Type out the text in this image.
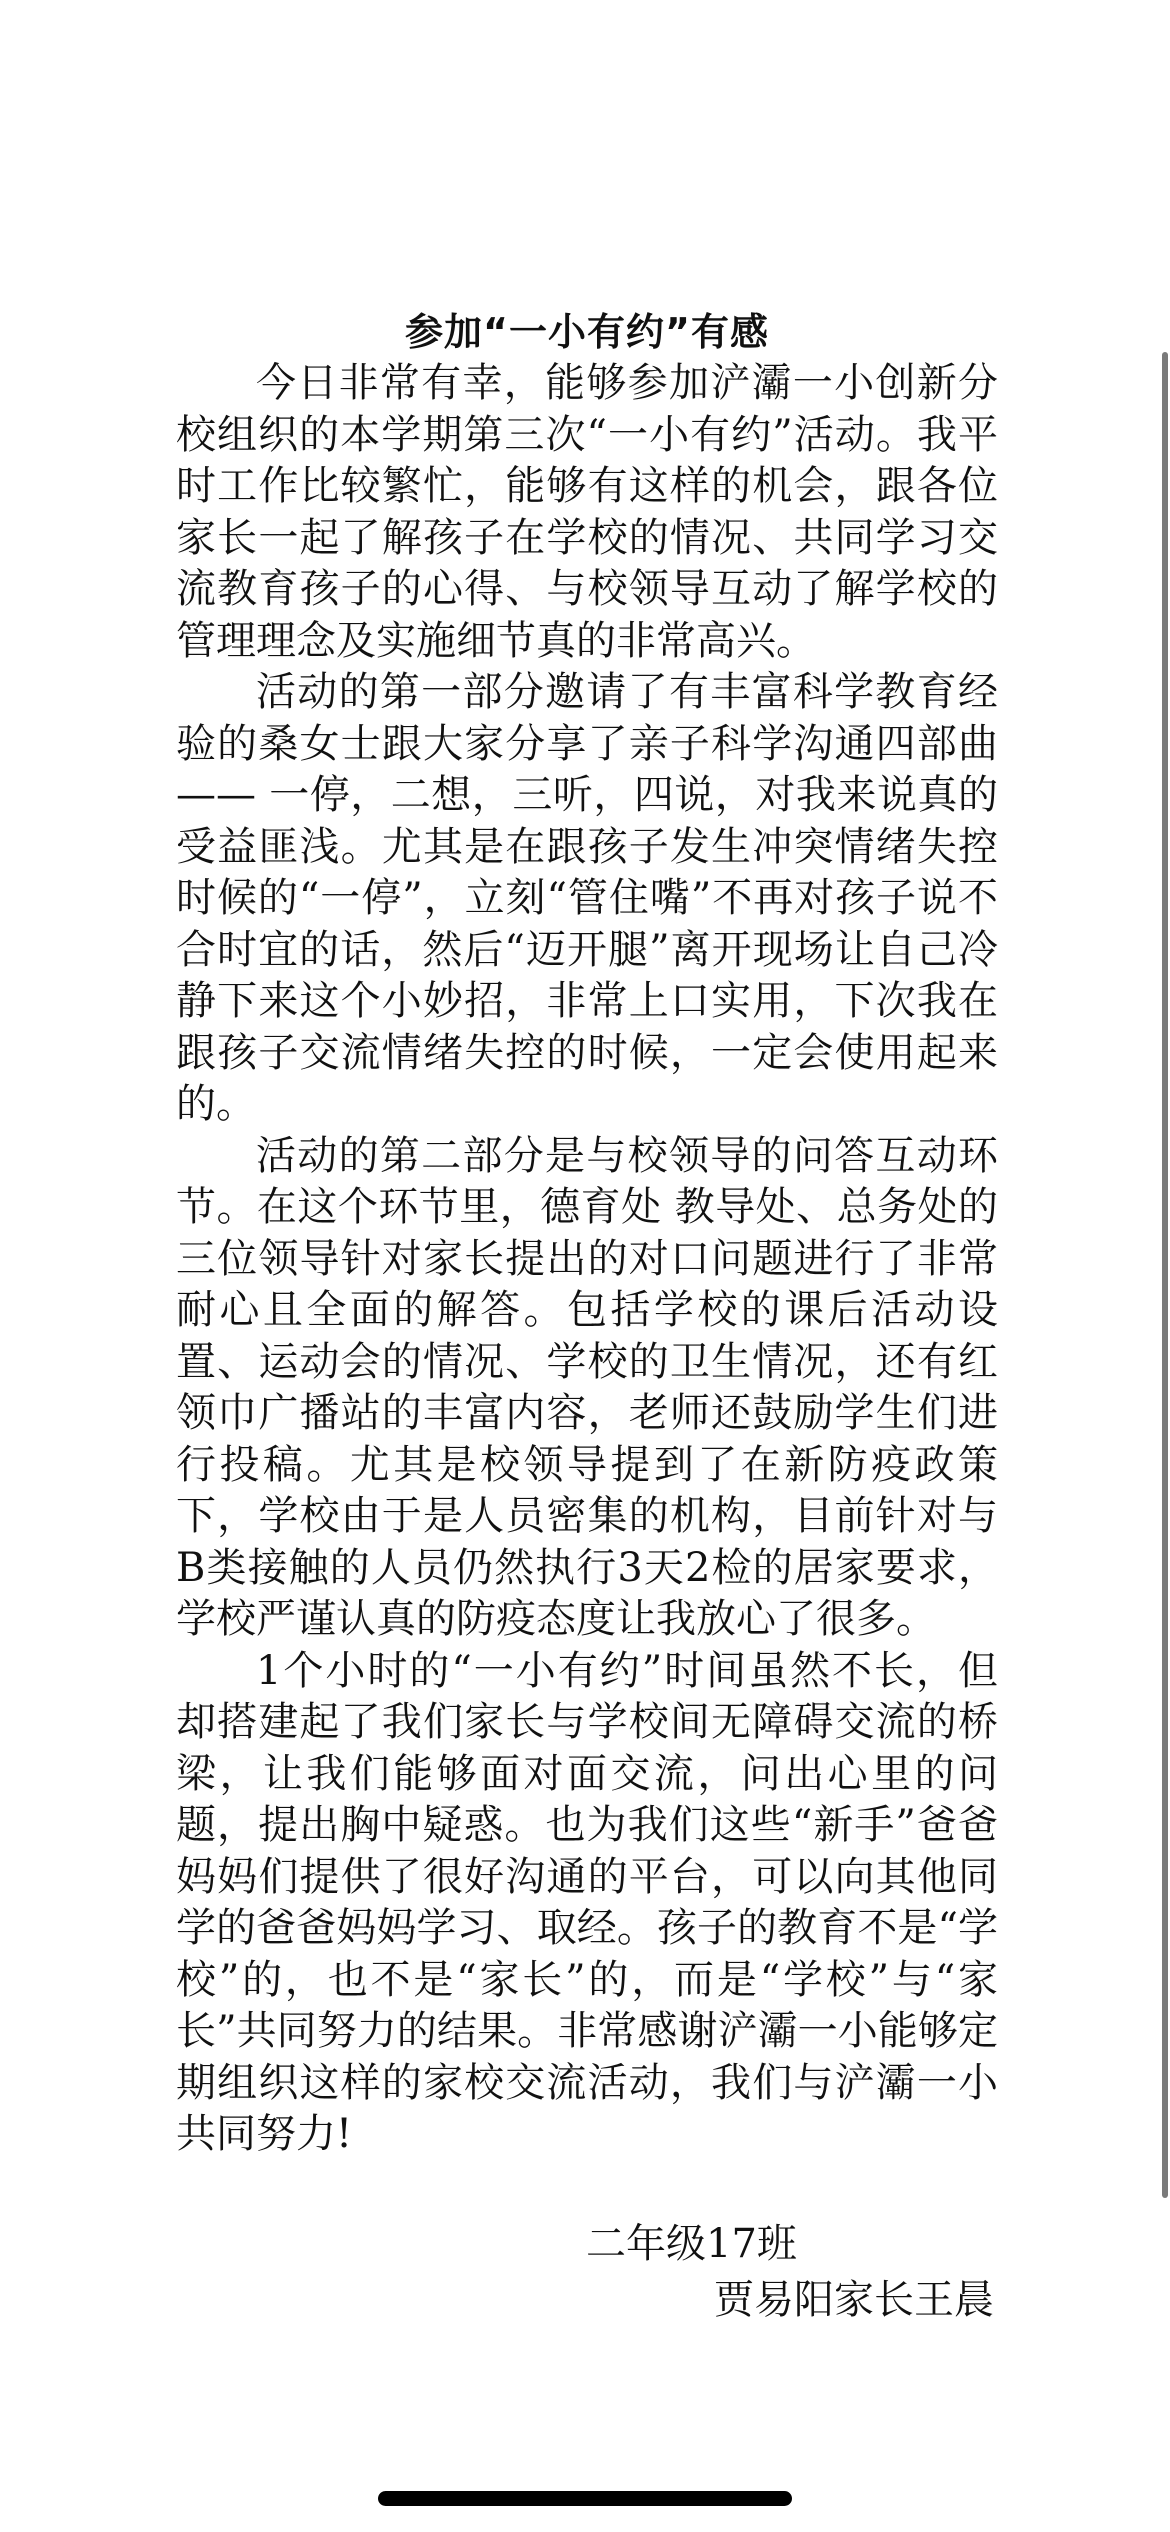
参加“一小有约”有感

今日非常有幸，能够参加浐灞一小创新分校组织的本学期第三次“一小有约”活动。我平时工作比较繁忙，能够有这样的机会，跟各位家长一起了解孩子在学校的情况、共同学习交流教育孩子的心得、与校领导互动了解学校的管理理念及实施细节真的非常高兴。

活动的第一部分邀请了有丰富科学教育经验的桑女士跟大家分享了亲子科学沟通四部曲—— 一停，二想，三听，四说，对我来说真的受益匪浅。尤其是在跟孩子发生冲突情绪失控时候的“一停”，立刻“管住嘴”不再对孩子说不合时宜的话，然后“迈开腿”离开现场让自己冷静下来这个小妙招，非常上口实用，下次我在跟孩子交流情绪失控的时候，一定会使用起来的。

活动的第二部分是与校领导的问答互动环节。在这个环节里，德育处 教导处、总务处的三位领导针对家长提出的对口问题进行了非常耐心且全面的解答。包括学校的课后活动设置、运动会的情况、学校的卫生情况，还有红领巾广播站的丰富内容，老师还鼓励学生们进行投稿。尤其是校领导提到了在新防疫政策下，学校由于是人员密集的机构，目前针对与B类接触的人员仍然执行3天2检的居家要求，学校严谨认真的防疫态度让我放心了很多。

1个小时的“一小有约”时间虽然不长，但却搭建起了我们家长与学校间无障碍交流的桥梁，让我们能够面对面交流，问出心里的问题，提出胸中疑惑。也为我们这些“新手”爸爸妈妈们提供了很好沟通的平台，可以向其他同学的爸爸妈妈学习、取经。孩子的教育不是“学校”的，也不是“家长”的，而是“学校”与“家长”共同努力的结果。非常感谢浐灞一小能够定期组织这样的家校交流活动，我们与浐灞一小共同努力!

二年级17班
贾易阳家长王晨
